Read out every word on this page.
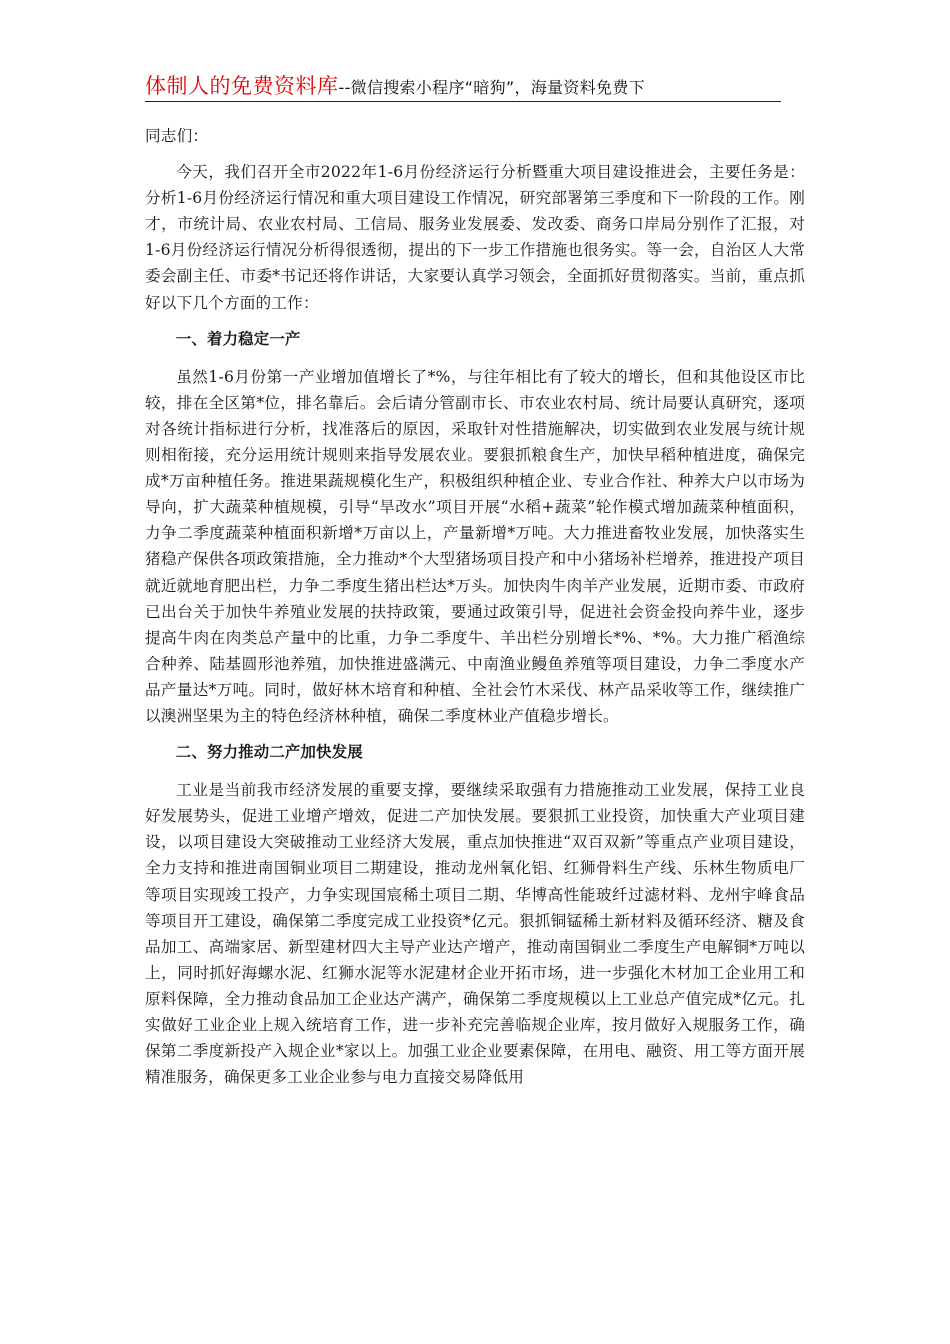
体制人的免费资料库--微信搜索小程序“暗狗”，海量资料免费下

同志们：

今天，我们召开全市2022年1-6月份经济运行分析暨重大项目建设推进会，主要任务是：分析1-6月份经济运行情况和重大项目建设工作情况，研究部署第三季度和下一阶段的工作。刚才，市统计局、农业农村局、工信局、服务业发展委、发改委、商务口岸局分别作了汇报，对1-6月份经济运行情况分析得很透彻，提出的下一步工作措施也很务实。等一会，自治区人大常委会副主任、市委*书记还将作讲话，大家要认真学习领会，全面抓好贯彻落实。当前，重点抓好以下几个方面的工作：

一、着力稳定一产

虽然1-6月份第一产业增加值增长了*%，与往年相比有了较大的增长，但和其他设区市比较，排在全区第*位，排名靠后。会后请分管副市长、市农业农村局、统计局要认真研究，逐项对各统计指标进行分析，找准落后的原因，采取针对性措施解决，切实做到农业发展与统计规则相衔接，充分运用统计规则来指导发展农业。要狠抓粮食生产，加快早稻种植进度，确保完成*万亩种植任务。推进果蔬规模化生产，积极组织种植企业、专业合作社、种养大户以市场为导向，扩大蔬菜种植规模，引导“旱改水”项目开展“水稻+蔬菜”轮作模式增加蔬菜种植面积，力争二季度蔬菜种植面积新增*万亩以上，产量新增*万吨。大力推进畜牧业发展，加快落实生猪稳产保供各项政策措施，全力推动*个大型猪场项目投产和中小猪场补栏增养，推进投产项目就近就地育肥出栏，力争二季度生猪出栏达*万头。加快肉牛肉羊产业发展，近期市委、市政府已出台关于加快牛养殖业发展的扶持政策，要通过政策引导，促进社会资金投向养牛业，逐步提高牛肉在肉类总产量中的比重，力争二季度牛、羊出栏分别增长*%、*%。大力推广稻渔综合种养、陆基圆形池养殖，加快推进盛满元、中南渔业鳗鱼养殖等项目建设，力争二季度水产品产量达*万吨。同时，做好林木培育和种植、全社会竹木采伐、林产品采收等工作，继续推广以澳洲坚果为主的特色经济林种植，确保二季度林业产值稳步增长。

二、努力推动二产加快发展

工业是当前我市经济发展的重要支撑，要继续采取强有力措施推动工业发展，保持工业良好发展势头，促进工业增产增效，促进二产加快发展。要狠抓工业投资，加快重大产业项目建设，以项目建设大突破推动工业经济大发展，重点加快推进“双百双新”等重点产业项目建设，全力支持和推进南国铜业项目二期建设，推动龙州氧化铝、红狮骨料生产线、乐林生物质电厂等项目实现竣工投产，力争实现国宸稀土项目二期、华博高性能玻纤过滤材料、龙州宇峰食品等项目开工建设，确保第二季度完成工业投资*亿元。狠抓铜锰稀土新材料及循环经济、糖及食品加工、高端家居、新型建材四大主导产业达产增产，推动南国铜业二季度生产电解铜*万吨以上，同时抓好海螺水泥、红狮水泥等水泥建材企业开拓市场，进一步强化木材加工企业用工和原料保障，全力推动食品加工企业达产满产，确保第二季度规模以上工业总产值完成*亿元。扎实做好工业企业上规入统培育工作，进一步补充完善临规企业库，按月做好入规服务工作，确保第二季度新投产入规企业*家以上。加强工业企业要素保障，在用电、融资、用工等方面开展精准服务，确保更多工业企业参与电力直接交易降低用
